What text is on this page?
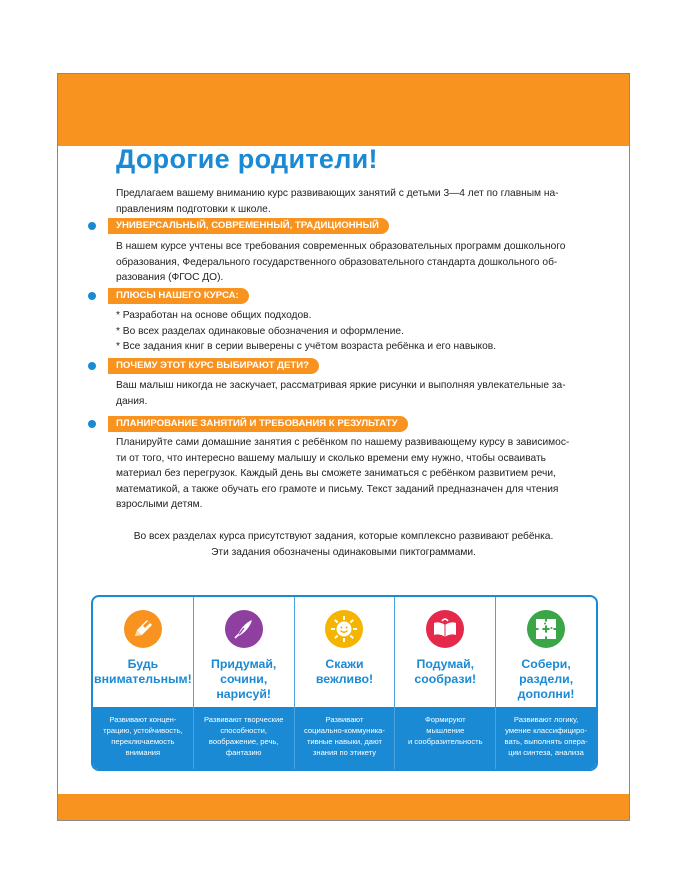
Дорогие родители!
Предлагаем вашему вниманию курс развивающих занятий с детьми 3—4 лет по главным на-
правлениям подготовки к школе.
УНИВЕРСАЛЬНЫЙ, СОВРЕМЕННЫЙ, ТРАДИЦИОННЫЙ
В нашем курсе учтены все требования современных образовательных программ дошкольного
образования, Федерального государственного образовательного стандарта дошкольного об-
разования (ФГОС ДО).
ПЛЮСЫ НАШЕГО КУРСА:
* Разработан на основе общих подходов.
* Во всех разделах одинаковые обозначения и оформление.
* Все задания книг в серии выверены с учётом возраста ребёнка и его навыков.
ПОЧЕМУ ЭТОТ КУРС ВЫБИРАЮТ ДЕТИ?
Ваш малыш никогда не заскучает, рассматривая яркие рисунки и выполняя увлекательные за-
дания.
ПЛАНИРОВАНИЕ ЗАНЯТИЙ И ТРЕБОВАНИЯ К РЕЗУЛЬТАТУ
Планируйте сами домашние занятия с ребёнком по нашему развивающему курсу в зависимос-
ти от того, что интересно вашему малышу и сколько времени ему нужно, чтобы осваивать
материал без перегрузок. Каждый день вы сможете заниматься с ребёнком развитием речи,
математикой, а также обучать его грамоте и письму. Текст заданий предназначен для чтения
взрослыми детям.
Во всех разделах курса присутствуют задания, которые комплексно развивают ребёнка.
Эти задания обозначены одинаковыми пиктограммами.
Будь
внимательным!
Развивают концен-
трацию, устойчивость,
переключаемость
внимания
Придумай,
сочини,
нарисуй!
Развивают творческие
способности,
воображение, речь,
фантазию
Скажи
вежливо!
Развивают
социально-коммуника-
тивные навыки, дают
знания по этикету
Подумай,
сообрази!
Формируют
мышление
и сообразительность
Собери,
раздели,
дополни!
Развивают логику,
умение классифициро-
вать, выполнять опера-
ции синтеза, анализа
